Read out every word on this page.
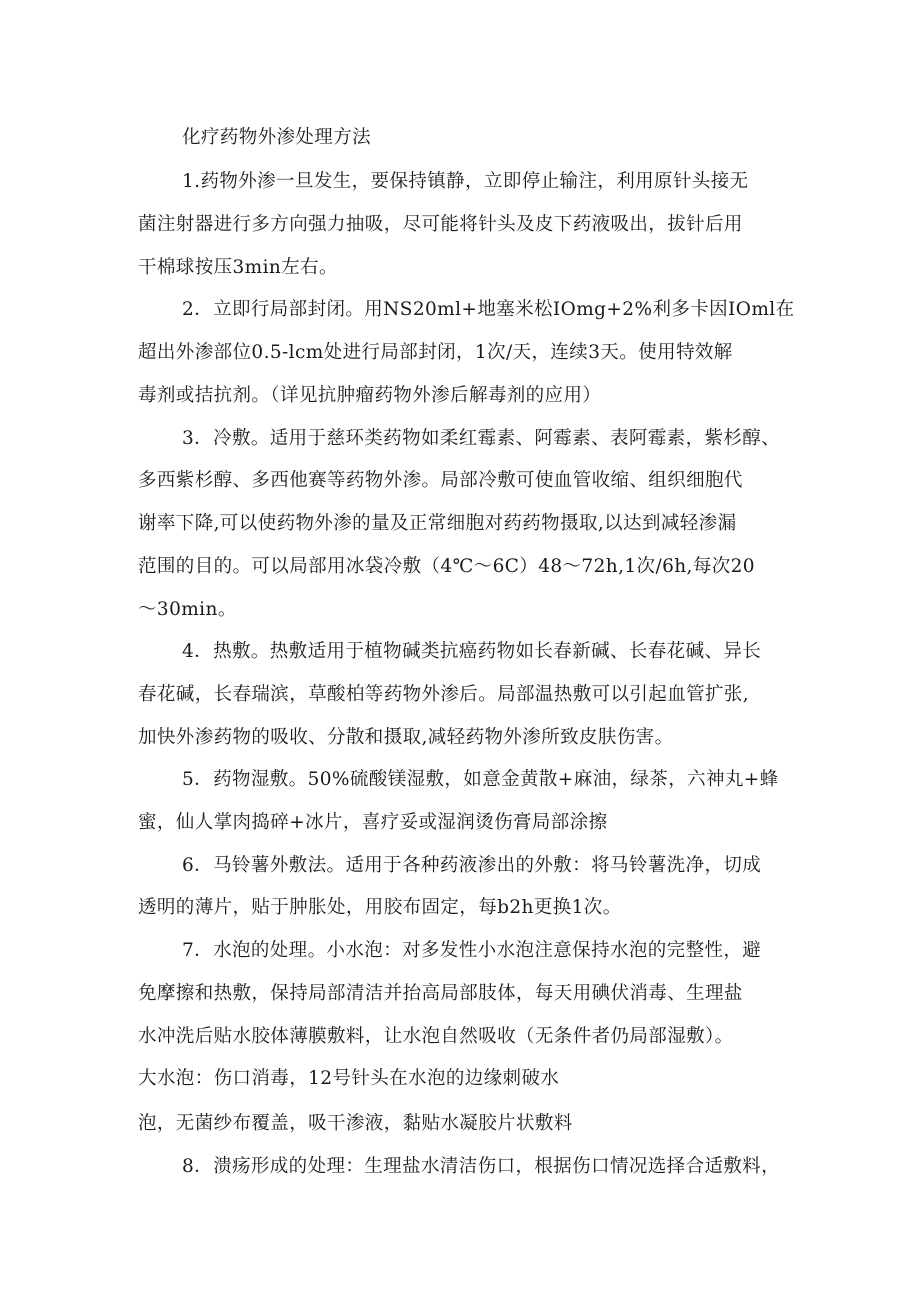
化疗药物外渗处理方法
1.药物外渗一旦发生，要保持镇静，立即停止输注，利用原针头接无
菌注射器进行多方向强力抽吸，尽可能将针头及皮下药液吸出，拔针后用
干棉球按压3min左右。
2．立即行局部封闭。用NS20ml+地塞米松IOmg+2%利多卡因IOml在
超出外渗部位0.5-lcm处进行局部封闭，1次/天，连续3天。使用特效解
毒剂或拮抗剂。（详见抗肿瘤药物外渗后解毒剂的应用）
3．冷敷。适用于慈环类药物如柔红霉素、阿霉素、表阿霉素，紫杉醇、
多西紫杉醇、多西他赛等药物外渗。局部冷敷可使血管收缩、组织细胞代
谢率下降,可以使药物外渗的量及正常细胞对药药物摄取,以达到减轻渗漏
范围的目的。可以局部用冰袋冷敷（4℃～6C）48～72h,1次/6h,每次20
～30min。
4．热敷。热敷适用于植物碱类抗癌药物如长春新碱、长春花碱、异长
春花碱，长春瑞滨，草酸柏等药物外渗后。局部温热敷可以引起血管扩张,
加快外渗药物的吸收、分散和摄取,减轻药物外渗所致皮肤伤害。
5．药物湿敷。50%硫酸镁湿敷，如意金黄散+麻油，绿茶，六神丸+蜂
蜜，仙人掌肉捣碎+冰片，喜疗妥或湿润烫伤膏局部涂擦
6．马铃薯外敷法。适用于各种药液渗出的外敷：将马铃薯洗净，切成
透明的薄片，贴于肿胀处，用胶布固定，每b2h更换1次。
7．水泡的处理。小水泡：对多发性小水泡注意保持水泡的完整性，避
免摩擦和热敷，保持局部清洁并抬高局部肢体，每天用碘伏消毒、生理盐
水冲洗后贴水胶体薄膜敷料，让水泡自然吸收（无条件者仍局部湿敷）。
大水泡：伤口消毒，12号针头在水泡的边缘刺破水
泡，无菌纱布覆盖，吸干渗液，黏贴水凝胶片状敷料
8．溃疡形成的处理：生理盐水清洁伤口，根据伤口情况选择合适敷料，
